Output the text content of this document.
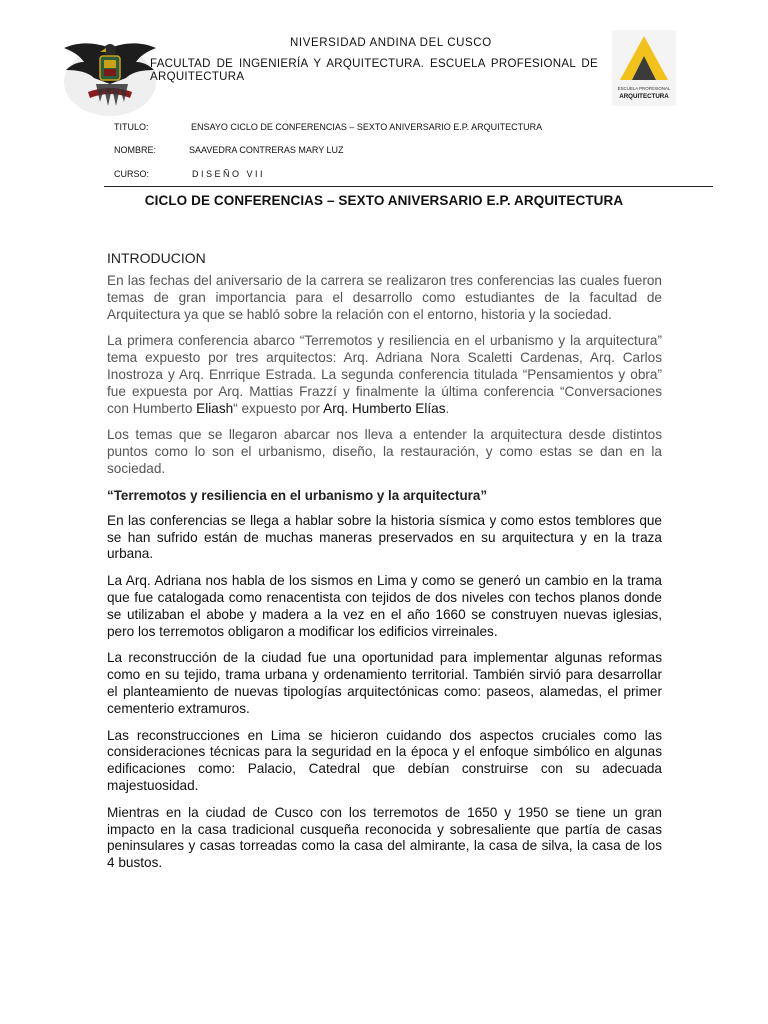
NIVERSIDAD ANDINA DEL CUSCO
FACULTAD DE INGENIERÍA Y ARQUITECTURA. ESCUELA PROFESIONAL DE ARQUITECTURA
ESCUELA PROFESIONAL
ARQUITECTURA
TITULO:	ENSAYO CICLO DE CONFERENCIAS – SEXTO ANIVERSARIO E.P. ARQUITECTURA
NOMBRE:	SAAVEDRA CONTRERAS MARY LUZ
CURSO:	DISEÑO VII
CICLO DE CONFERENCIAS – SEXTO ANIVERSARIO E.P. ARQUITECTURA
INTRODUCION

En las fechas del aniversario de la carrera se realizaron tres conferencias las cuales fueron temas de gran importancia para el desarrollo como estudiantes de la facultad de Arquitectura ya que se habló sobre la relación con el entorno, historia y la sociedad.

La primera conferencia abarco “Terremotos y resiliencia en el urbanismo y la arquitectura” tema expuesto por tres arquitectos: Arq. Adriana Nora Scaletti Cardenas, Arq. Carlos Inostroza y Arq. Enrrique Estrada. La segunda conferencia titulada “Pensamientos y obra” fue expuesta por Arq. Mattias Frazzí y finalmente la última conferencia “Conversaciones con Humberto Eliash“ expuesto por Arq. Humberto Elías.

Los temas que se llegaron abarcar nos lleva a entender la arquitectura desde distintos puntos como lo son el urbanismo, diseño, la restauración, y como estas se dan en la sociedad.

“Terremotos y resiliencia en el urbanismo y la arquitectura”

En las conferencias se llega a hablar sobre la historia sísmica y como estos temblores que se han sufrido están de muchas maneras preservados en su arquitectura y en la traza urbana.

La Arq. Adriana nos habla de los sismos en Lima y como se generó un cambio en la trama que fue catalogada como renacentista con tejidos de dos niveles con techos planos donde se utilizaban el abobe y madera a la vez en el año 1660 se construyen nuevas iglesias, pero los terremotos obligaron a modificar los edificios virreinales.

La reconstrucción de la ciudad fue una oportunidad para implementar algunas reformas como en su tejido, trama urbana y ordenamiento territorial. También sirvió para desarrollar el planteamiento de nuevas tipologías arquitectónicas como: paseos, alamedas, el primer cementerio extramuros.

Las reconstrucciones en Lima se hicieron cuidando dos aspectos cruciales como las consideraciones técnicas para la seguridad en la época y el enfoque simbólico en algunas edificaciones como: Palacio, Catedral que debían construirse con su adecuada majestuosidad.

Mientras en la ciudad de Cusco con los terremotos de 1650 y 1950 se tiene un gran impacto en la casa tradicional cusqueña reconocida y sobresaliente que partía de casas peninsulares y casas torreadas como la casa del almirante, la casa de silva, la casa de los 4 bustos.
